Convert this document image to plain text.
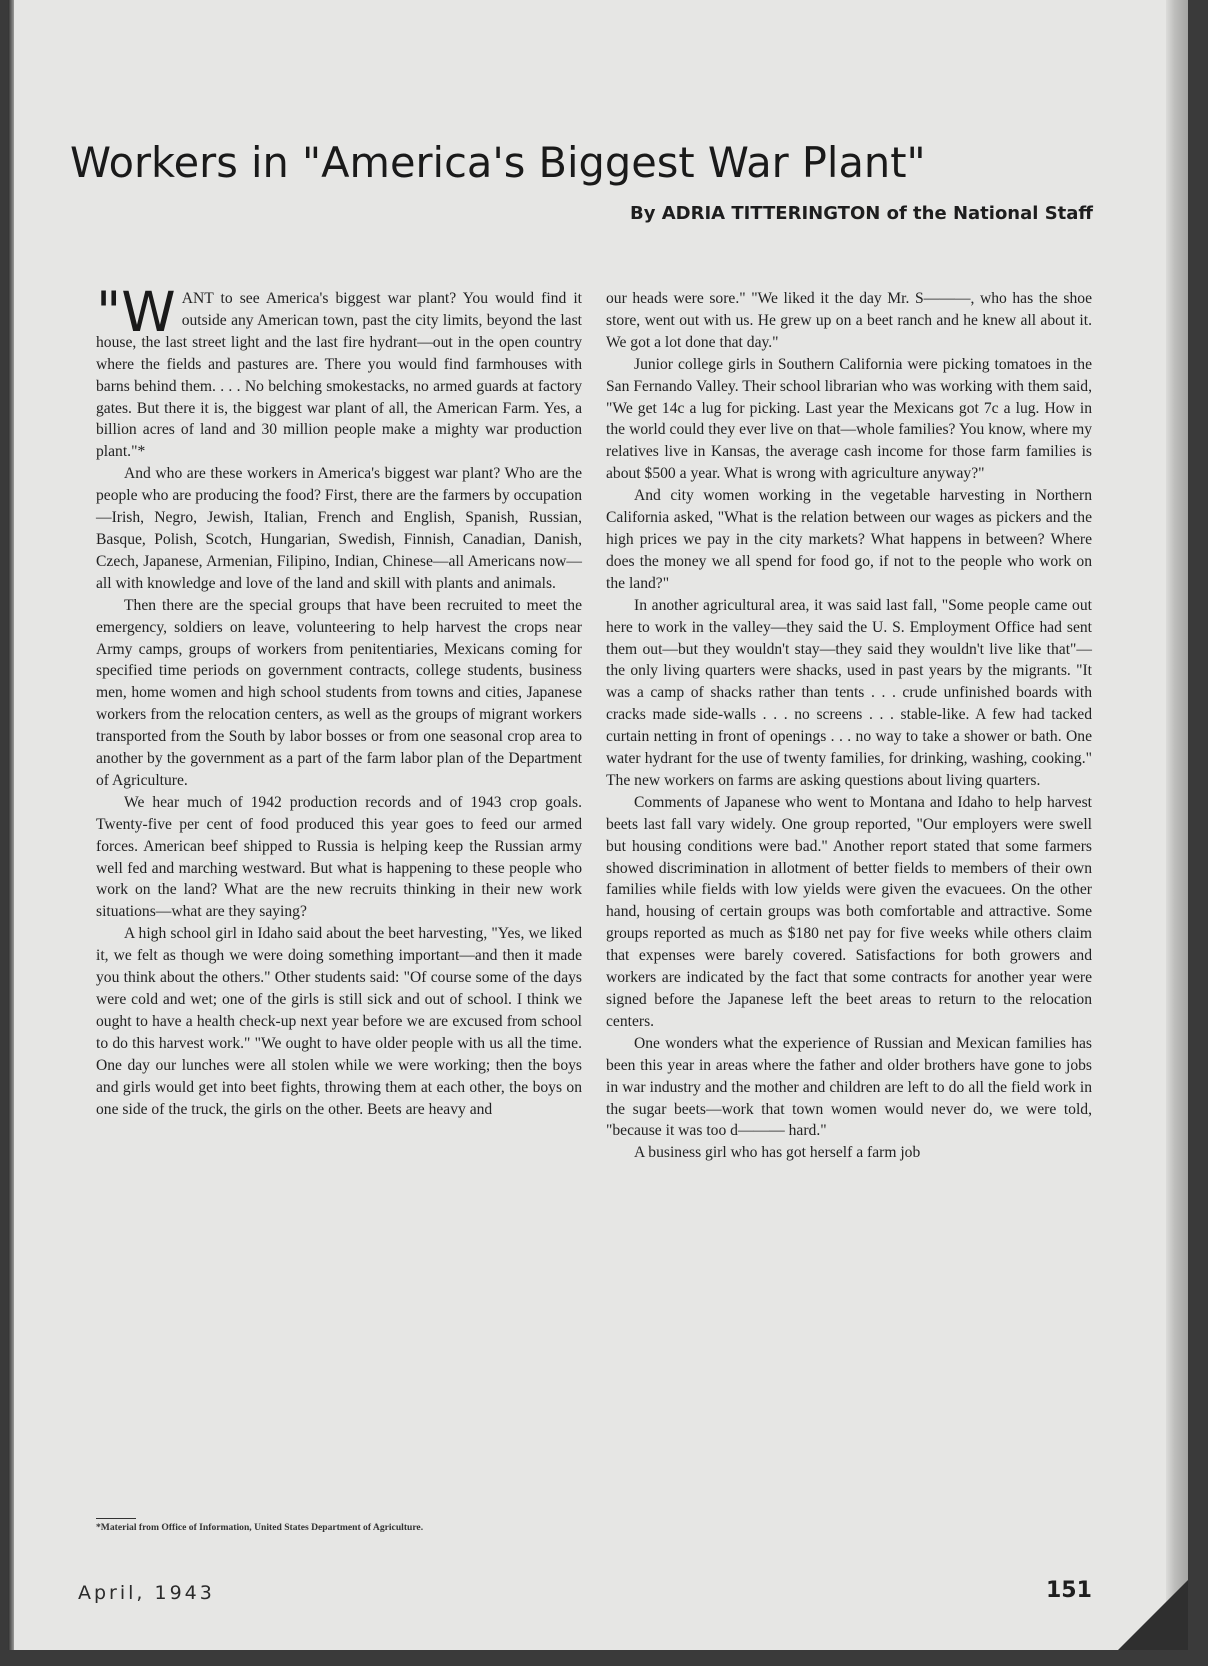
Workers in "America's Biggest War Plant"
By ADRIA TITTERINGTON of the National Staff

"WANT to see America's biggest war plant? You would find it outside any American town, past the city limits, beyond the last house, the last street light and the last fire hydrant—out in the open country where the fields and pastures are. There you would find farmhouses with barns behind them. . . . No belching smokestacks, no armed guards at factory gates. But there it is, the biggest war plant of all, the American Farm. Yes, a billion acres of land and 30 million people make a mighty war production plant."*

And who are these workers in America's biggest war plant? Who are the people who are producing the food? First, there are the farmers by occupation—Irish, Negro, Jewish, Italian, French and English, Spanish, Russian, Basque, Polish, Scotch, Hungarian, Swedish, Finnish, Canadian, Danish, Czech, Japanese, Armenian, Filipino, Indian, Chinese—all Americans now—all with knowledge and love of the land and skill with plants and animals.

Then there are the special groups that have been recruited to meet the emergency, soldiers on leave, volunteering to help harvest the crops near Army camps, groups of workers from penitentiaries, Mexicans coming for specified time periods on government contracts, college students, business men, home women and high school students from towns and cities, Japanese workers from the relocation centers, as well as the groups of migrant workers transported from the South by labor bosses or from one seasonal crop area to another by the government as a part of the farm labor plan of the Department of Agriculture.

We hear much of 1942 production records and of 1943 crop goals. Twenty-five per cent of food produced this year goes to feed our armed forces. American beef shipped to Russia is helping keep the Russian army well fed and marching westward. But what is happening to these people who work on the land? What are the new recruits thinking in their new work situations—what are they saying?

A high school girl in Idaho said about the beet harvesting, "Yes, we liked it, we felt as though we were doing something important—and then it made you think about the others." Other students said: "Of course some of the days were cold and wet; one of the girls is still sick and out of school. I think we ought to have a health check-up next year before we are excused from school to do this harvest work." "We ought to have older people with us all the time. One day our lunches were all stolen while we were working; then the boys and girls would get into beet fights, throwing them at each other, the boys on one side of the truck, the girls on the other. Beets are heavy and

our heads were sore." "We liked it the day Mr. S———, who has the shoe store, went out with us. He grew up on a beet ranch and he knew all about it. We got a lot done that day."

Junior college girls in Southern California were picking tomatoes in the San Fernando Valley. Their school librarian who was working with them said, "We get 14c a lug for picking. Last year the Mexicans got 7c a lug. How in the world could they ever live on that—whole families? You know, where my relatives live in Kansas, the average cash income for those farm families is about $500 a year. What is wrong with agriculture anyway?"

And city women working in the vegetable harvesting in Northern California asked, "What is the relation between our wages as pickers and the high prices we pay in the city markets? What happens in between? Where does the money we all spend for food go, if not to the people who work on the land?"

In another agricultural area, it was said last fall, "Some people came out here to work in the valley—they said the U. S. Employment Office had sent them out—but they wouldn't stay—they said they wouldn't live like that"—the only living quarters were shacks, used in past years by the migrants. "It was a camp of shacks rather than tents . . . crude unfinished boards with cracks made side-walls . . . no screens . . . stable-like. A few had tacked curtain netting in front of openings . . . no way to take a shower or bath. One water hydrant for the use of twenty families, for drinking, washing, cooking." The new workers on farms are asking questions about living quarters.

Comments of Japanese who went to Montana and Idaho to help harvest beets last fall vary widely. One group reported, "Our employers were swell but housing conditions were bad." Another report stated that some farmers showed discrimination in allotment of better fields to members of their own families while fields with low yields were given the evacuees. On the other hand, housing of certain groups was both comfortable and attractive. Some groups reported as much as $180 net pay for five weeks while others claim that expenses were barely covered. Satisfactions for both growers and workers are indicated by the fact that some contracts for another year were signed before the Japanese left the beet areas to return to the relocation centers.

One wonders what the experience of Russian and Mexican families has been this year in areas where the father and older brothers have gone to jobs in war industry and the mother and children are left to do all the field work in the sugar beets—work that town women would never do, we were told, "because it was too d——— hard."

A business girl who has got herself a farm job

*Material from Office of Information, United States Department of Agriculture.
April, 1943	151
